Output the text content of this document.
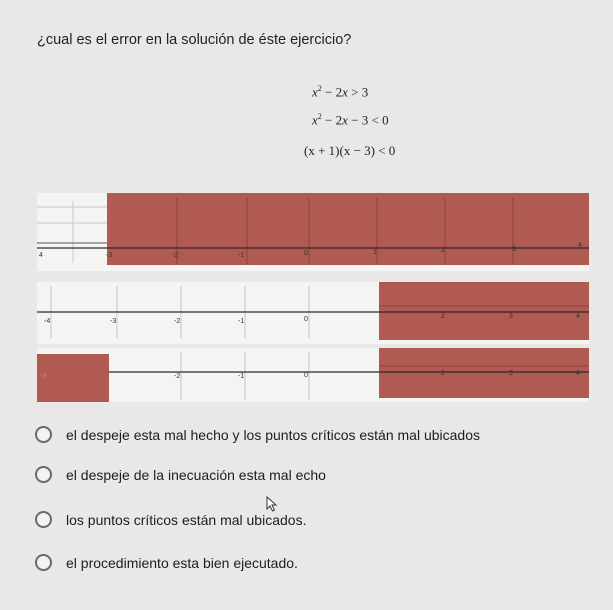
¿cual es el error en la solución de éste ejercicio?
$x^2 - 2x > 3$
$x^2 - 2x - 3 < 0$
(x + 1)(x − 3) < 0
4	-3	-2	-1	0	1	2	3
4
-4	-3	-2	-1	0	2	3	4
-3	-2	-1	0	2	3	4
el despeje esta mal hecho y los puntos críticos están mal ubicados
el despeje de la inecuación esta mal echo
los puntos críticos están mal ubicados.
el procedimiento esta bien ejecutado.
